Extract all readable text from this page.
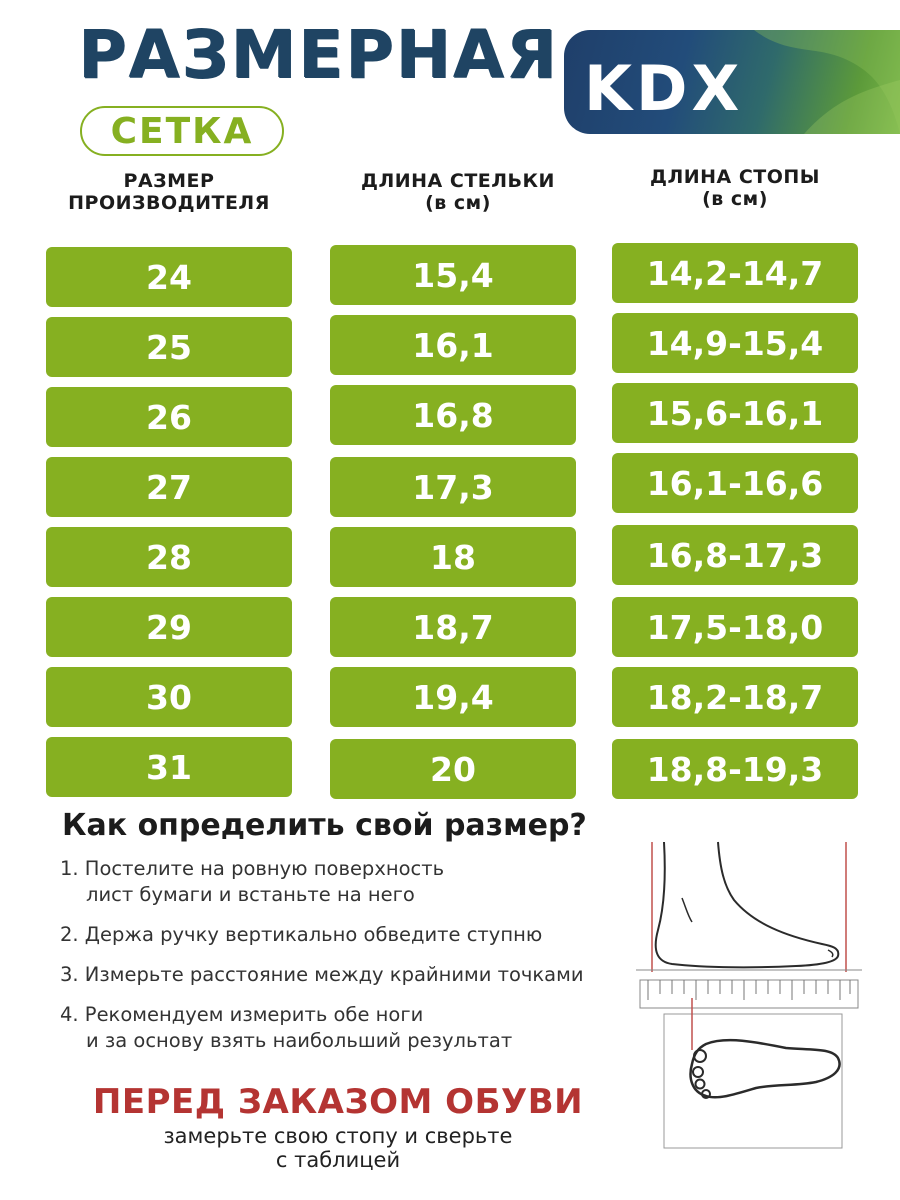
РАЗМЕРНАЯ
СЕТКА
KDX
РАЗМЕР
ПРОИЗВОДИТЕЛЯ
ДЛИНА СТЕЛЬКИ
(в см)
ДЛИНА СТОПЫ
(в см)
24
25
26
27
28
29
30
31
15,4
16,1
16,8
17,3
18
18,7
19,4
20
14,2-14,7
14,9-15,4
15,6-16,1
16,1-16,6
16,8-17,3
17,5-18,0
18,2-18,7
18,8-19,3
Как определить свой размер?
1. Постелите на ровную поверхность
лист бумаги и встаньте на него
2. Держа ручку вертикально обведите ступню
3. Измерьте расстояние между крайними точками
4. Рекомендуем измерить обе ноги
и за основу взять наибольший результат
ПЕРЕД ЗАКАЗОМ ОБУВИ
замерьте свою стопу и сверьте
с таблицей
